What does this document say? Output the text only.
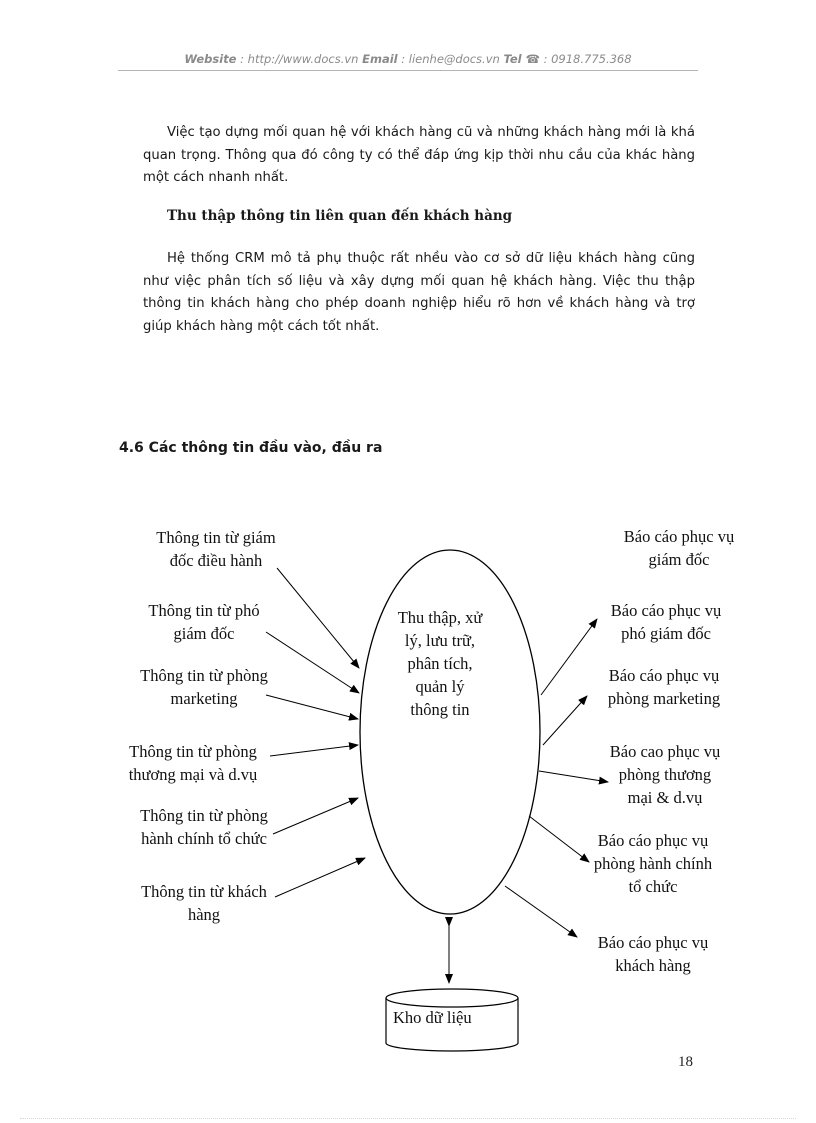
Website : http://www.docs.vn Email : lienhe@docs.vn Tel ☎ : 0918.775.368

Việc tạo dựng mối quan hệ với khách hàng cũ và những khách hàng mới là khá quan trọng. Thông qua đó công ty có thể đáp ứng kịp thời nhu cầu của khác hàng một cách nhanh nhất.

Thu thập thông tin liên quan đến khách hàng

Hệ thống CRM mô tả phụ thuộc rất nhều vào cơ sở dữ liệu khách hàng cũng như việc phân tích số liệu và xây dựng mối quan hệ khách hàng. Việc thu thập thông tin khách hàng cho phép doanh nghiệp hiểu rõ hơn về khách hàng và trợ giúp khách hàng một cách tốt nhất.

4.6 Các thông tin đầu vào, đầu ra
Thông tin từ giám
đốc điều hành
Thông tin từ phó
giám đốc
Thông tin từ phòng
marketing
Thông tin từ phòng
thương mại và d.vụ
Thông tin từ phòng
hành chính tổ chức
Thông tin từ khách
hàng
Thu thập, xử
lý, lưu trữ,
phân tích,
quản lý
thông tin
Báo cáo phục vụ
giám đốc
Báo cáo phục vụ
phó giám đốc
Báo cáo phục vụ
phòng marketing
Báo cao phục vụ
phòng thương
mại & d.vụ
Báo cáo phục vụ
phòng hành chính
tổ chức
Báo cáo phục vụ
khách hàng
Kho dữ liệu
18
